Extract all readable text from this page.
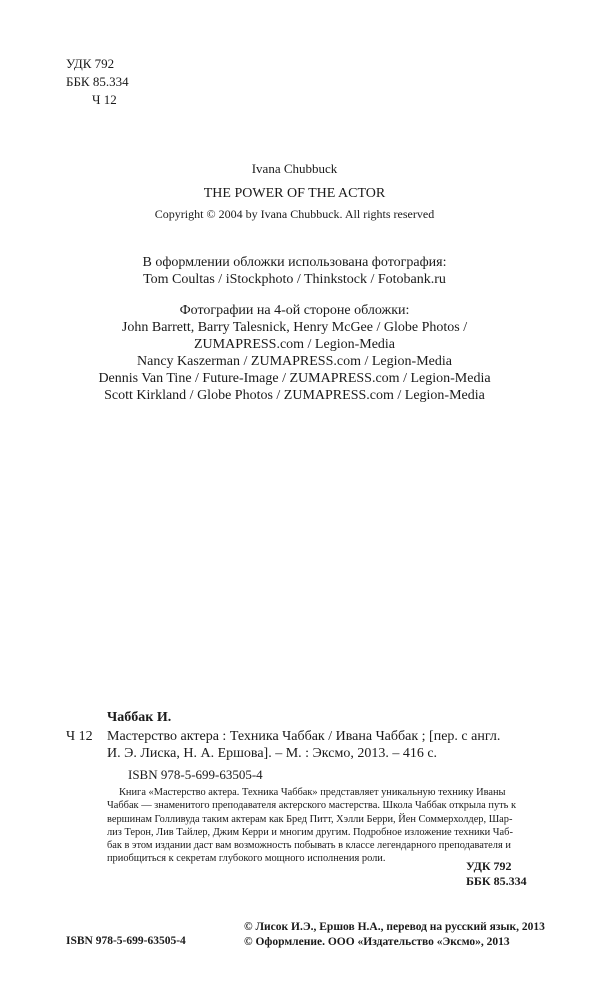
УДК 792
ББК 85.334
Ч 12
Ivana Chubbuck
THE POWER OF THE ACTOR
Copyright © 2004 by Ivana Chubbuck. All rights reserved
В оформлении обложки использована фотография:
Tom Coultas / iStockphoto / Thinkstock / Fotobank.ru
Фотографии на 4-ой стороне обложки:
John Barrett, Barry Talesnick, Henry McGee / Globe Photos /
ZUMAPRESS.com / Legion-Media
Nancy Kaszerman / ZUMAPRESS.com / Legion-Media
Dennis Van Tine / Future-Image / ZUMAPRESS.com / Legion-Media
Scott Kirkland / Globe Photos / ZUMAPRESS.com / Legion-Media
Чаббак И.
Ч 12 Мастерство актера : Техника Чаббак / Ивана Чаббак ; [пер. с англ.
И. Э. Лиска, Н. А. Ершова]. – М. : Эксмо, 2013. – 416 с.
ISBN 978-5-699-63505-4
Книга «Мастерство актера. Техника Чаббак» представляет уникальную технику Иваны
Чаббак — знаменитого преподавателя актерского мастерства. Школа Чаббак открыла путь к
вершинам Голливуда таким актерам как Бред Питт, Хэлли Берри, Йен Соммерхолдер, Шар-
лиз Терон, Лив Тайлер, Джим Керри и многим другим. Подробное изложение техники Чаб-
бак в этом издании даст вам возможность побывать в классе легендарного преподавателя и
приобщиться к секретам глубокого мощного исполнения роли.
УДК 792
ББК 85.334
ISBN 978-5-699-63505-4
© Лисок И.Э., Ершов Н.А., перевод на русский язык, 2013
© Оформление. ООО «Издательство «Эксмо», 2013
